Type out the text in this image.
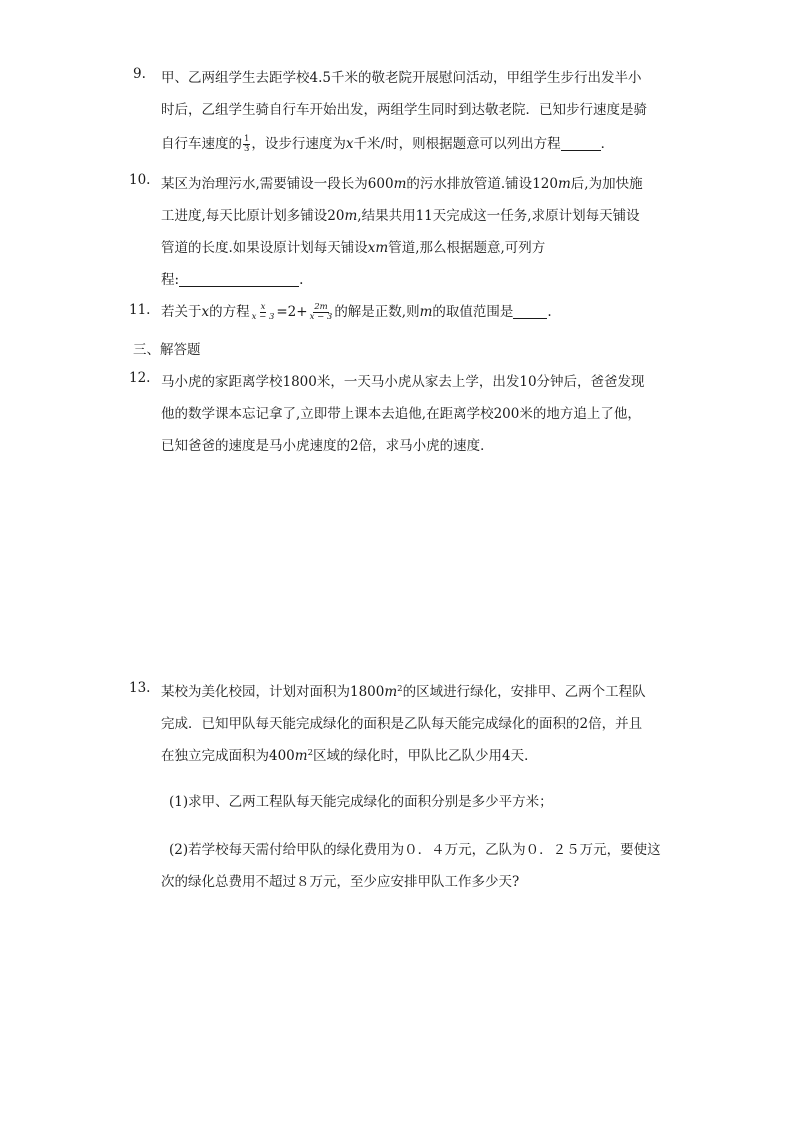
9.	甲、乙两组学生去距学校4.5千米的敬老院开展慰问活动，甲组学生步行出发半小
时后，乙组学生骑自行车开始出发，两组学生同时到达敬老院．已知步行速度是骑
自行车速度的 $\frac{1}{3}$ ，设步行速度为x千米/时，则根据题意可以列出方程	．
10. 某区为治理污水,需要铺设一段长为600m的污水排放管道.铺设120m后,为加快施
工进度,每天比原计划多铺设20m,结果共用11天完成这一任务,求原计划每天铺设
管道的长度.如果设原计划每天铺设xm管道,那么根据题意,可列方
程:	.
11. 若关于x的方程 $\frac{x}{x - 3} =2+ \frac{2m}{x - 3}$ 的解是正数,则m的取值范围是	.
三、解答题
12. 马小虎的家距离学校1800米，一天马小虎从家去上学，出发10分钟后，爸爸发现
他的数学课本忘记拿了,立即带上课本去追他,在距离学校200米的地方追上了他，
已知爸爸的速度是马小虎速度的2倍，求马小虎的速度．
13. 某校为美化校园，计划对面积为$1800m^2$的区域进行绿化，安排甲、乙两个工程队
完成．已知甲队每天能完成绿化的面积是乙队每天能完成绿化的面积的2倍，并且
在独立完成面积为$400m^2$区域的绿化时，甲队比乙队少用4天．
(1)求甲、乙两工程队每天能完成绿化的面积分别是多少平方米；
(2)若学校每天需付给甲队的绿化费用为０．４万元，乙队为０．２５万元，要使这
次的绿化总费用不超过８万元，至少应安排甲队工作多少天?
